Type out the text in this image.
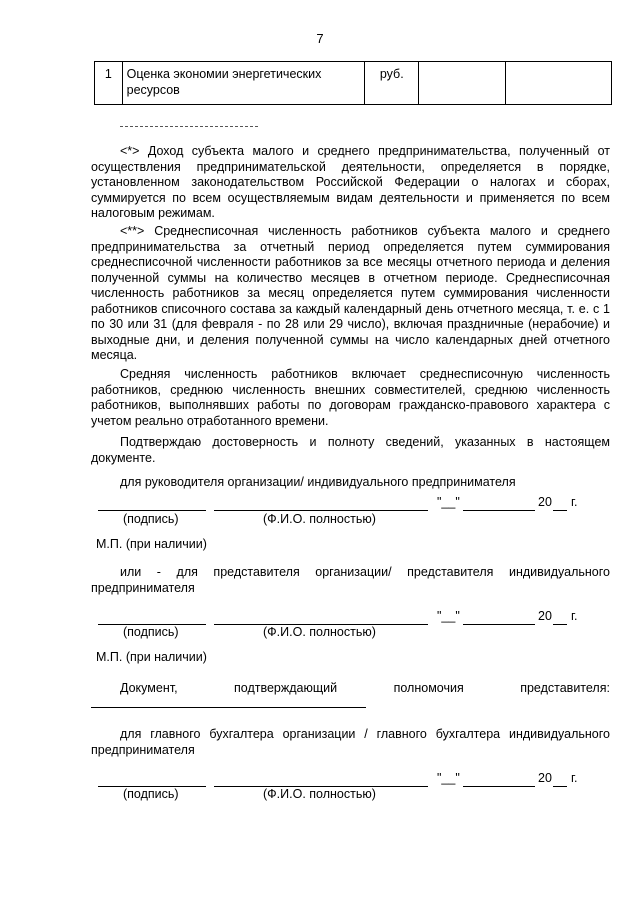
7
1	Оценка экономии энергетических ресурсов	руб.		
<*> Доход субъекта малого и среднего предпринимательства, полученный от осуществления предпринимательской деятельности, определяется в порядке, установленном законодательством Российской Федерации о налогах и сборах, суммируется по всем осуществляемым видам деятельности и применяется по всем налоговым режимам.
<**> Среднесписочная численность работников субъекта малого и среднего предпринимательства за отчетный период определяется путем суммирования среднесписочной численности работников за все месяцы отчетного периода и деления полученной суммы на количество месяцев в отчетном периоде. Среднесписочная численность работников за месяц определяется путем суммирования численности работников списочного состава за каждый календарный день отчетного месяца, т. е. с 1 по 30 или 31 (для февраля - по 28 или 29 число), включая праздничные (нерабочие) и выходные дни, и деления полученной суммы на число календарных дней отчетного месяца.
Средняя численность работников включает среднесписочную численность работников, среднюю численность внешних совместителей, среднюю численность работников, выполнявших работы по договорам гражданско-правового характера с учетом реально отработанного времени.
Подтверждаю достоверность и полноту сведений, указанных в настоящем документе.
для руководителя организации/ индивидуального предпринимателя
"__"	20 г.
(подпись)	(Ф.И.О. полностью)
М.П. (при наличии)
или - для представителя организации/ представителя индивидуального предпринимателя
"__"	20 г.
(подпись)	(Ф.И.О. полностью)
М.П. (при наличии)
Документ,	подтверждающий	полномочия	представителя:
для главного бухгалтера организации / главного бухгалтера индивидуального предпринимателя
"__"	20 г.
(подпись)	(Ф.И.О. полностью)
